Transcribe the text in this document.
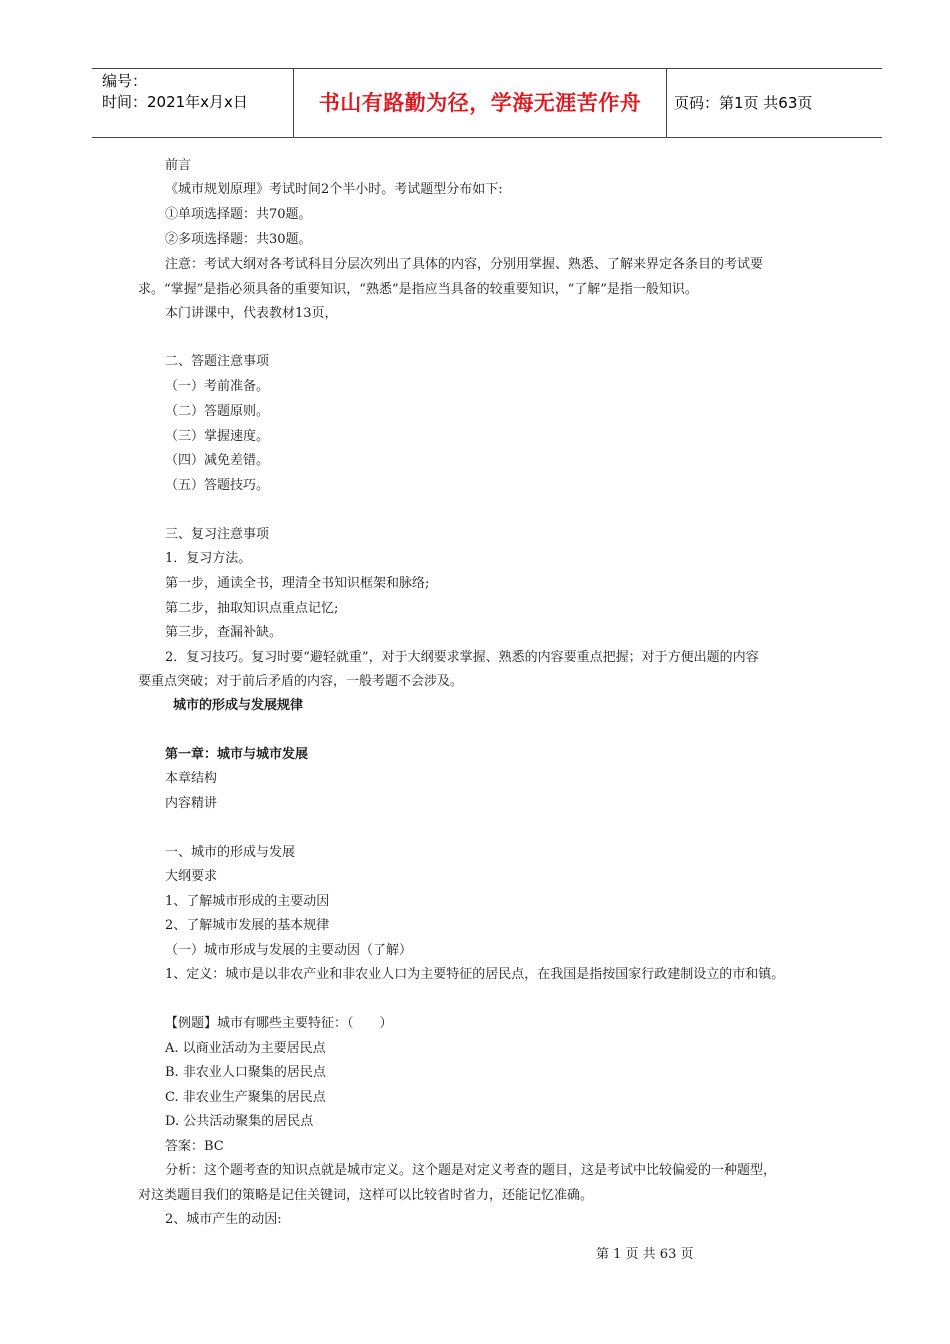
编号：
时间：2021年x月x日	书山有路勤为径，学海无涯苦作舟	页码：第1页 共63页
前言
《城市规划原理》考试时间2个半小时。考试题型分布如下:
①单项选择题：共70题。
②多项选择题：共30题。
注意：考试大纲对各考试科目分层次列出了具体的内容，分别用掌握、熟悉、了解来界定各条目的考试要
求。“掌握”是指必须具备的重要知识，“熟悉”是指应当具备的较重要知识，“了解”是指一般知识。
本门讲课中，代表教材13页，
二、答题注意事项
（一）考前准备。
（二）答题原则。
（三）掌握速度。
（四）减免差错。
（五）答题技巧。
三、复习注意事项
1．复习方法。
第一步，通读全书，理清全书知识框架和脉络;
第二步，抽取知识点重点记忆;
第三步，查漏补缺。
2．复习技巧。复习时要“避轻就重”，对于大纲要求掌握、熟悉的内容要重点把握；对于方便出题的内容
要重点突破；对于前后矛盾的内容，一般考题不会涉及。
城市的形成与发展规律
第一章：城市与城市发展
本章结构
内容精讲
一、城市的形成与发展
大纲要求
1、了解城市形成的主要动因
2、了解城市发展的基本规律
（一）城市形成与发展的主要动因（了解）
1、定义：城市是以非农产业和非农业人口为主要特征的居民点，在我国是指按国家行政建制设立的市和镇。
【例题】城市有哪些主要特征：（　　）
A. 以商业活动为主要居民点
B. 非农业人口聚集的居民点
C. 非农业生产聚集的居民点
D. 公共活动聚集的居民点
答案：BC
分析：这个题考查的知识点就是城市定义。这个题是对定义考查的题目，这是考试中比较偏爱的一种题型，
对这类题目我们的策略是记住关键词，这样可以比较省时省力，还能记忆准确。
2、城市产生的动因:
第 1 页 共 63 页
